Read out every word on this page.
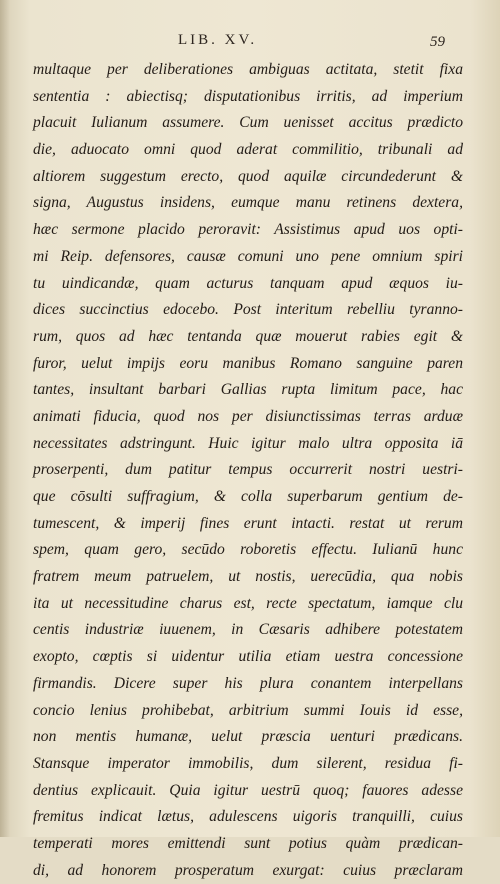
LIB. XV.	59
multaque per deliberationes ambiguas actitata, stetit fixa
sententia : abiectisq; disputationibus irritis, ad imperium
placuit Iulianum assumere. Cum uenisset accitus prædicto
die, aduocato omni quod aderat commilitio, tribunali ad
altiorem suggestum erecto, quod aquilæ circundederunt &
signa, Augustus insidens, eumque manu retinens dextera,
hæc sermone placido peroravit: Assistimus apud uos opti-
mi Reip. defensores, causæ comuni uno pene omnium spiri
tu uindicandæ, quam acturus tanquam apud æquos iu-
dices succinctius edocebo. Post interitum rebelliu tyranno-
rum, quos ad hæc tentanda quæ mouerut rabies egit &
furor, uelut impijs eoru manibus Romano sanguine paren
tantes, insultant barbari Gallias rupta limitum pace, hac
animati fiducia, quod nos per disiunctissimas terras arduæ
necessitates adstringunt. Huic igitur malo ultra opposita iā
proserpenti, dum patitur tempus occurrerit nostri uestri-
que cōsulti suffragium, & colla superbarum gentium de-
tumescent, & imperij fines erunt intacti. restat ut rerum
spem, quam gero, secūdo roboretis effectu. Iulianū hunc
fratrem meum patruelem, ut nostis, uerecūdia, qua nobis
ita ut necessitudine charus est, recte spectatum, iamque clu
centis industriæ iuuenem, in Cæsaris adhibere potestatem
exopto, cœptis si uidentur utilia etiam uestra concessione
firmandis. Dicere super his plura conantem interpellans
concio lenius prohibebat, arbitrium summi Iouis id esse,
non mentis humanæ, uelut præscia uenturi prædicans.
Stansque imperator immobilis, dum silerent, residua fi-
dentius explicauit. Quia igitur uestrū quoq; fauores adesse
fremitus indicat lætus, adulescens uigoris tranquilli, cuius
temperati mores emittendi sunt potius quàm prædican-
di, ad honorem prosperatum exurgat: cuius præclaram
